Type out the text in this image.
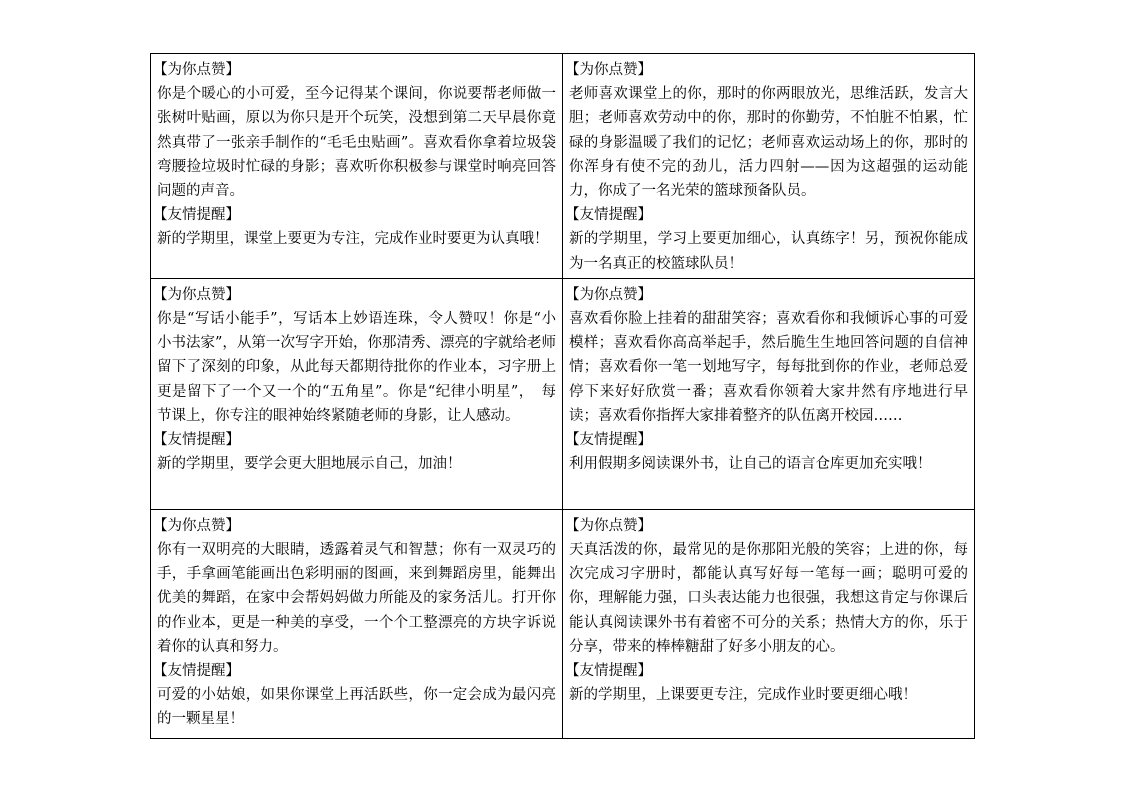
【为你点赞】
你是个暖心的小可爱，至今记得某个课间，你说要帮老师做一张树叶贴画，原以为你只是开个玩笑，没想到第二天早晨你竟然真带了一张亲手制作的“毛毛虫贴画”。喜欢看你拿着垃圾袋弯腰捡垃圾时忙碌的身影；喜欢听你积极参与课堂时响亮回答问题的声音。
【友情提醒】
新的学期里，课堂上要更为专注，完成作业时要更为认真哦！	【为你点赞】
老师喜欢课堂上的你，那时的你两眼放光，思维活跃，发言大胆；老师喜欢劳动中的你，那时的你勤劳，不怕脏不怕累，忙碌的身影温暖了我们的记忆；老师喜欢运动场上的你，那时的你浑身有使不完的劲儿，活力四射——因为这超强的运动能力，你成了一名光荣的篮球预备队员。
【友情提醒】
新的学期里，学习上要更加细心，认真练字！另，预祝你能成为一名真正的校篮球队员！

【为你点赞】
你是“写话小能手”，写话本上妙语连珠，令人赞叹！你是“小小书法家”，从第一次写字开始，你那清秀、漂亮的字就给老师留下了深刻的印象，从此每天都期待批你的作业本，习字册上更是留下了一个又一个的“五角星”。你是“纪律小明星”，　每节课上，你专注的眼神始终紧随老师的身影，让人感动。
【友情提醒】
新的学期里，要学会更大胆地展示自己，加油！	【为你点赞】
喜欢看你脸上挂着的甜甜笑容；喜欢看你和我倾诉心事的可爱模样；喜欢看你高高举起手，然后脆生生地回答问题的自信神情；喜欢看你一笔一划地写字，每每批到你的作业，老师总爱停下来好好欣赏一番；喜欢看你领着大家井然有序地进行早读；喜欢看你指挥大家排着整齐的队伍离开校园……
【友情提醒】
利用假期多阅读课外书，让自己的语言仓库更加充实哦！

【为你点赞】
你有一双明亮的大眼睛，透露着灵气和智慧；你有一双灵巧的手，手拿画笔能画出色彩明丽的图画，来到舞蹈房里，能舞出优美的舞蹈，在家中会帮妈妈做力所能及的家务活儿。打开你的作业本，更是一种美的享受，一个个工整漂亮的方块字诉说着你的认真和努力。
【友情提醒】
可爱的小姑娘，如果你课堂上再活跃些，你一定会成为最闪亮的一颗星星！	【为你点赞】
天真活泼的你，最常见的是你那阳光般的笑容；上进的你，每次完成习字册时，都能认真写好每一笔每一画；聪明可爱的你，理解能力强，口头表达能力也很强，我想这肯定与你课后能认真阅读课外书有着密不可分的关系；热情大方的你，乐于分享，带来的棒棒糖甜了好多小朋友的心。
【友情提醒】
新的学期里，上课要更专注，完成作业时要更细心哦！
